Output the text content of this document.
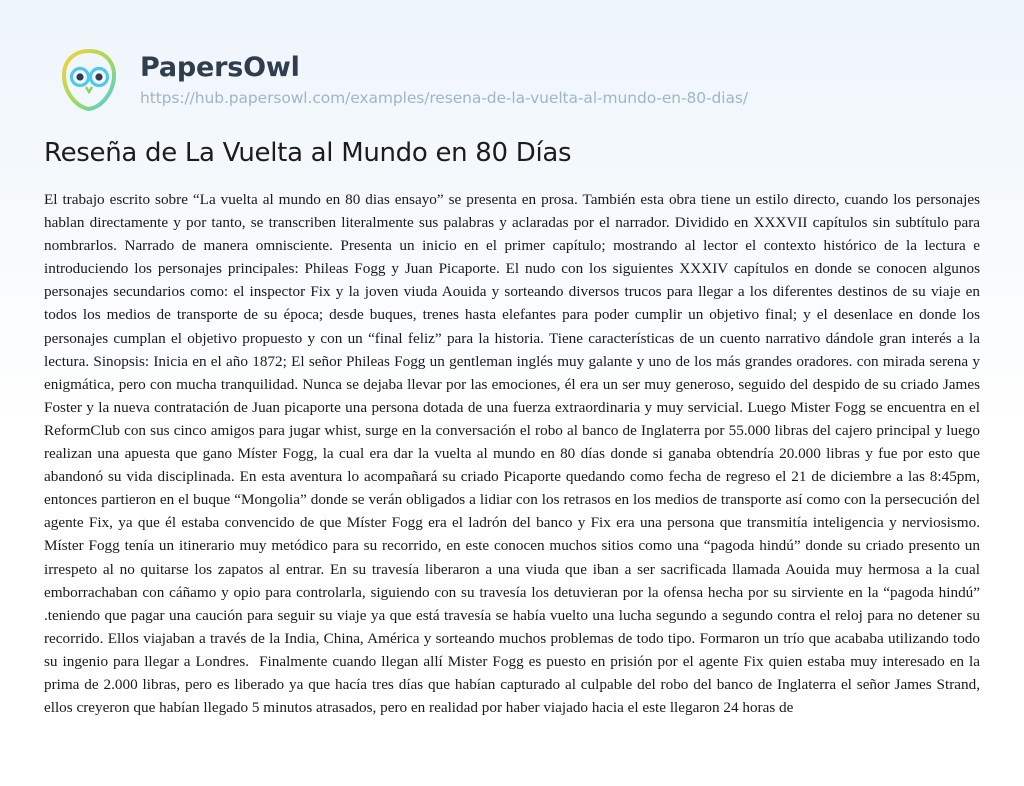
PapersOwl
https://hub.papersowl.com/examples/resena-de-la-vuelta-al-mundo-en-80-dias/
Reseña de La Vuelta al Mundo en 80 Días

El trabajo escrito sobre “La vuelta al mundo en 80 dias ensayo” se presenta en prosa. También esta obra tiene un estilo directo, cuando los personajes hablan directamente y por tanto, se transcriben literalmente sus palabras y aclaradas por el narrador. Dividido en XXXVII capítulos sin subtítulo para nombrarlos. Narrado de manera omnisciente. Presenta un inicio en el primer capítulo; mostrando al lector el contexto histórico de la lectura e introduciendo los personajes principales: Phileas Fogg y Juan Picaporte. El nudo con los siguientes XXXIV capítulos en donde se conocen algunos personajes secundarios como: el inspector Fix y la joven viuda Aouida y sorteando diversos trucos para llegar a los diferentes destinos de su viaje en todos los medios de transporte de su época; desde buques, trenes hasta elefantes para poder cumplir un objetivo final; y el desenlace en donde los personajes cumplan el objetivo propuesto y con un “final feliz” para la historia. Tiene características de un cuento narrativo dándole gran interés a la lectura. Sinopsis: Inicia en el año 1872; El señor Phileas Fogg un gentleman inglés muy galante y uno de los más grandes oradores. con mirada serena y enigmática, pero con mucha tranquilidad. Nunca se dejaba llevar por las emociones, él era un ser muy generoso, seguido del despido de su criado James Foster y la nueva contratación de Juan picaporte una persona dotada de una fuerza extraordinaria y muy servicial. Luego Mister Fogg se encuentra en el ReformClub con sus cinco amigos para jugar whist, surge en la conversación el robo al banco de Inglaterra por 55.000 libras del cajero principal y luego realizan una apuesta que gano Míster Fogg, la cual era dar la vuelta al mundo en 80 días donde si ganaba obtendría 20.000 libras y fue por esto que abandonó su vida disciplinada. En esta aventura lo acompañará su criado Picaporte quedando como fecha de regreso el 21 de diciembre a las 8:45pm, entonces partieron en el buque “Mongolia” donde se verán obligados a lidiar con los retrasos en los medios de transporte así como con la persecución del agente Fix, ya que él estaba convencido de que Míster Fogg era el ladrón del banco y Fix era una persona que transmitía inteligencia y nerviosismo. Míster Fogg tenía un itinerario muy metódico para su recorrido, en este conocen muchos sitios como una “pagoda hindú” donde su criado presento un irrespeto al no quitarse los zapatos al entrar. En su travesía liberaron a una viuda que iban a ser sacrificada llamada Aouida muy hermosa a la cual emborrachaban con cáñamo y opio para controlarla, siguiendo con su travesía los detuvieran por la ofensa hecha por su sirviente en la “pagoda hindú” .teniendo que pagar una caución para seguir su viaje ya que está travesía se había vuelto una lucha segundo a segundo contra el reloj para no detener su recorrido. Ellos viajaban a través de la India, China, América y sorteando muchos problemas de todo tipo. Formaron un trío que acababa utilizando todo su ingenio para llegar a Londres.  Finalmente cuando llegan allí Mister Fogg es puesto en prisión por el agente Fix quien estaba muy interesado en la prima de 2.000 libras, pero es liberado ya que hacía tres días que habían capturado al culpable del robo del banco de Inglaterra el señor James Strand, ellos creyeron que habían llegado 5 minutos atrasados, pero en realidad por haber viajado hacia el este llegaron 24 horas de
